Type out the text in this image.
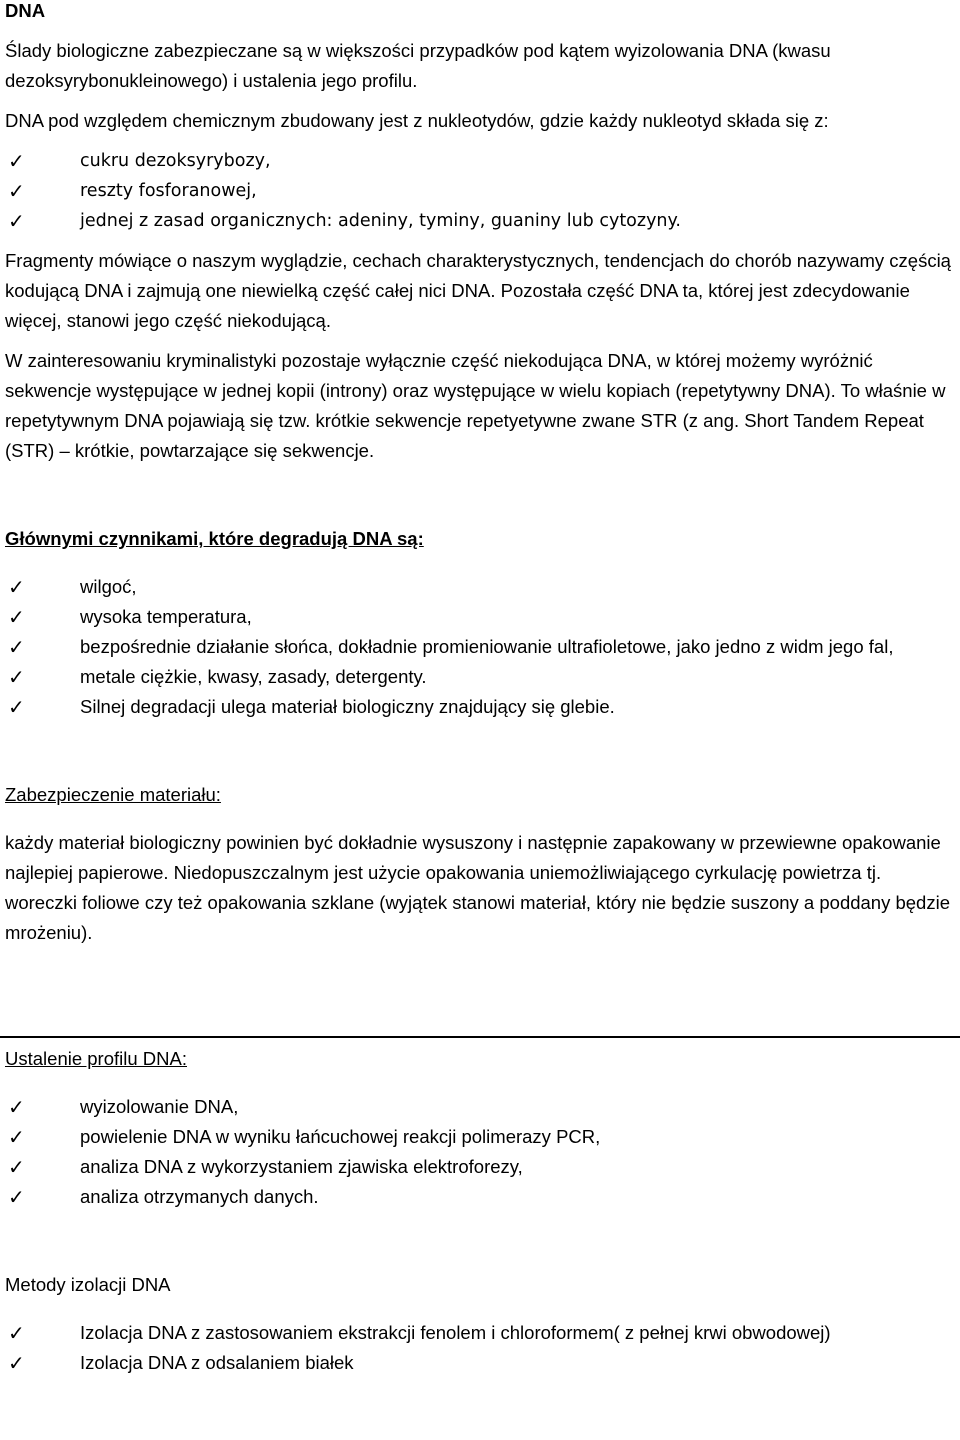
DNA

Ślady biologiczne zabezpieczane są w większości przypadków pod kątem wyizolowania DNA (kwasu dezoksyrybonukleinowego) i ustalenia jego profilu.

DNA pod względem chemicznym zbudowany jest z nukleotydów, gdzie każdy nukleotyd składa się z:

✓	cukru dezoksyrybozy,
✓	reszty fosforanowej,
✓	jednej z zasad organicznych: adeniny, tyminy, guaniny lub cytozyny.

Fragmenty mówiące o naszym wyglądzie, cechach charakterystycznych, tendencjach do chorób nazywamy częścią kodującą DNA i zajmują one niewielką część całej nici DNA. Pozostała część DNA ta, której jest zdecydowanie więcej, stanowi jego część niekodującą.

W zainteresowaniu kryminalistyki pozostaje wyłącznie część niekodująca DNA, w której możemy wyróżnić sekwencje występujące w jednej kopii (introny) oraz występujące w wielu kopiach (repetytywny DNA). To właśnie w repetytywnym DNA pojawiają się tzw. krótkie sekwencje repetyetywne zwane STR (z ang. Short Tandem Repeat (STR) – krótkie, powtarzające się sekwencje.

Głównymi czynnikami, które degradują DNA są:
✓	wilgoć,
✓	wysoka temperatura,
✓	bezpośrednie działanie słońca, dokładnie promieniowanie ultrafioletowe, jako jedno z widm jego fal,
✓	metale ciężkie, kwasy, zasady, detergenty.
✓	Silnej degradacji ulega materiał biologiczny znajdujący się glebie.
Zabezpieczenie materiału:

każdy materiał biologiczny powinien być dokładnie wysuszony i następnie zapakowany w przewiewne opakowanie najlepiej papierowe. Niedopuszczalnym jest użycie opakowania uniemożliwiającego cyrkulację powietrza tj. woreczki foliowe czy też opakowania szklane (wyjątek stanowi materiał, który nie będzie suszony a poddany będzie mrożeniu).

Ustalenie profilu DNA:
✓	wyizolowanie DNA,
✓	powielenie DNA w wyniku łańcuchowej reakcji polimerazy PCR,
✓	analiza DNA z wykorzystaniem zjawiska elektroforezy,
✓	analiza otrzymanych danych.
Metody izolacji DNA
✓	Izolacja DNA z zastosowaniem ekstrakcji fenolem i chloroformem( z pełnej krwi obwodowej)
✓	Izolacja DNA z odsalaniem białek
